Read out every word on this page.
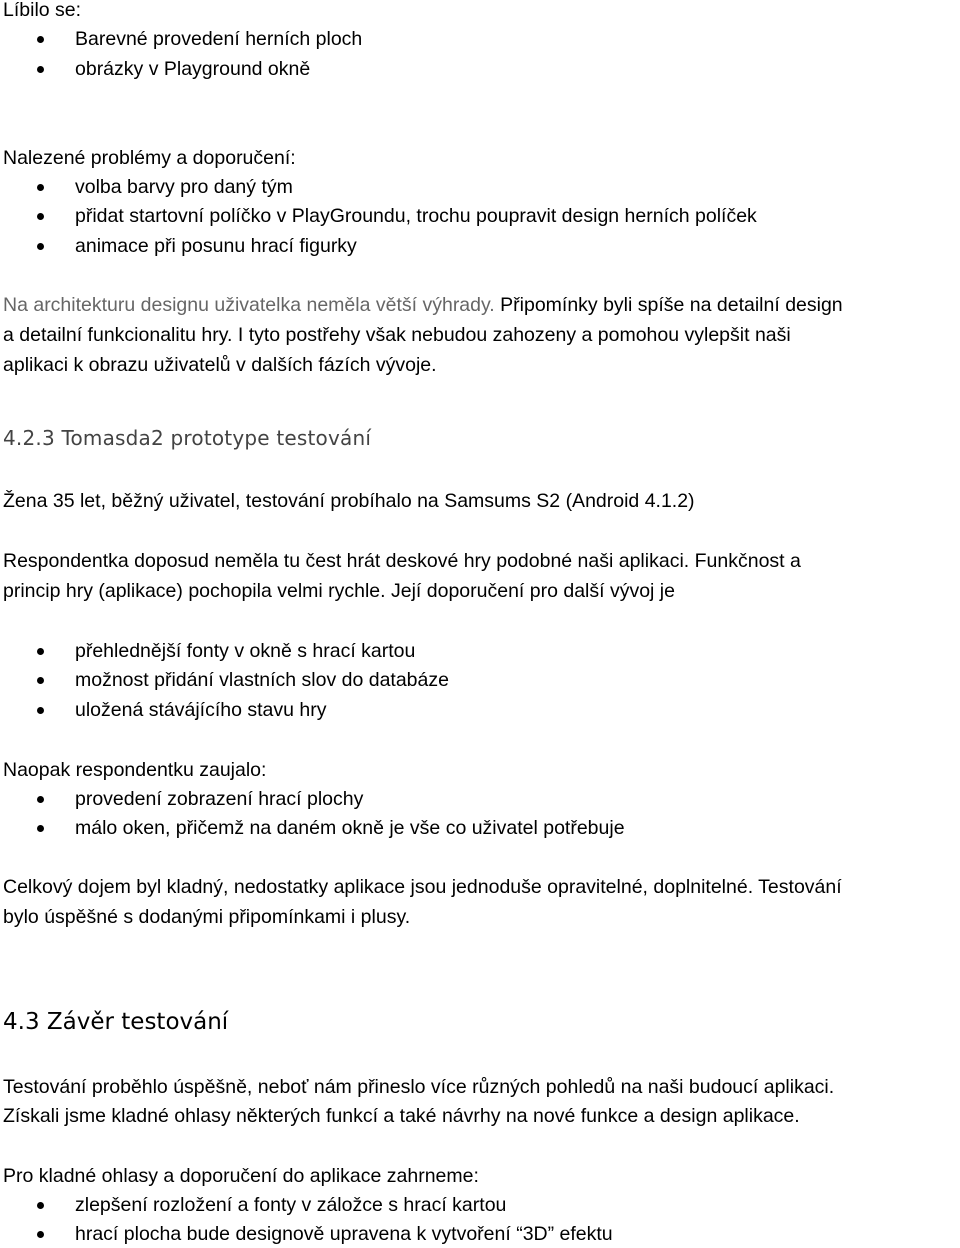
Líbilo se:
Barevné provedení herních ploch
obrázky v Playground okně
Nalezené problémy a doporučení:
volba barvy pro daný tým
přidat startovní políčko v PlayGroundu, trochu poupravit design herních políček
animace při posunu hrací figurky
Na architekturu designu uživatelka neměla větší výhrady. Připomínky byli spíše na detailní design
a detailní funkcionalitu hry. I tyto postřehy však nebudou zahozeny a pomohou vylepšit naši
aplikaci k obrazu uživatelů v dalších fázích vývoje.
4.2.3 Tomasda2 prototype testování
Žena 35 let, běžný uživatel, testování probíhalo na Samsums S2 (Android 4.1.2)
Respondentka doposud neměla tu čest hrát deskové hry podobné naši aplikaci. Funkčnost a
princip hry (aplikace) pochopila velmi rychle. Její doporučení pro další vývoj je
přehlednější fonty v okně s hrací kartou
možnost přidání vlastních slov do databáze
uložená stávájícího stavu hry
Naopak respondentku zaujalo:
provedení zobrazení hrací plochy
málo oken, přičemž na daném okně je vše co uživatel potřebuje
Celkový dojem byl kladný, nedostatky aplikace jsou jednoduše opravitelné, doplnitelné. Testování
bylo úspěšné s dodanými připomínkami i plusy.
4.3 Závěr testování
Testování proběhlo úspěšně, neboť nám přineslo více různých pohledů na naši budoucí aplikaci.
Získali jsme kladné ohlasy některých funkcí a také návrhy na nové funkce a design aplikace.
Pro kladné ohlasy a doporučení do aplikace zahrneme:
zlepšení rozložení a fonty v záložce s hrací kartou
hrací plocha bude designově upravena k vytvoření “3D” efektu
